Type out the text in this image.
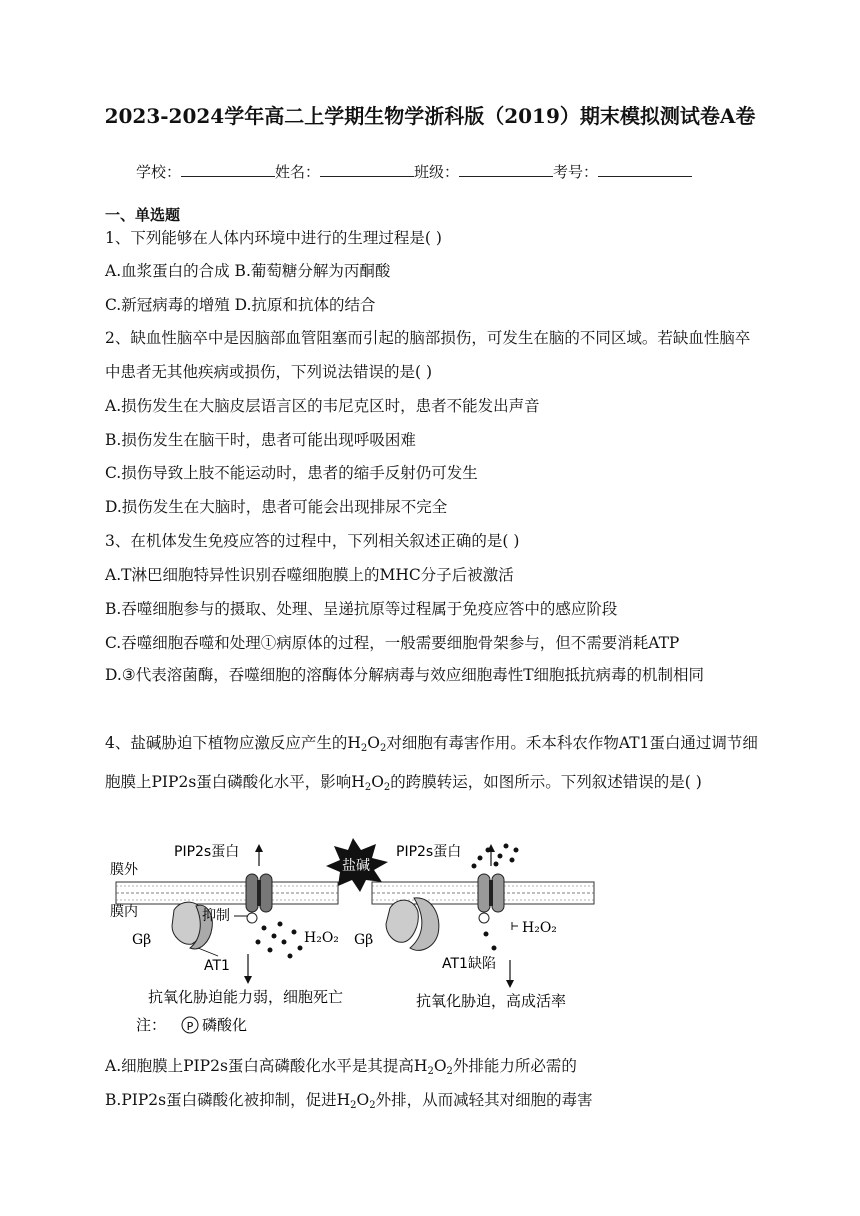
2023-2024学年高二上学期生物学浙科版（2019）期末模拟测试卷A卷
学校：	姓名：	班级：	考号：
一、单选题
1、下列能够在人体内环境中进行的生理过程是( )
A.血浆蛋白的合成 B.葡萄糖分解为丙酮酸
C.新冠病毒的增殖 D.抗原和抗体的结合
2、缺血性脑卒中是因脑部血管阻塞而引起的脑部损伤，可发生在脑的不同区域。若缺血性脑卒中患者无其他疾病或损伤，下列说法错误的是( )
A.损伤发生在大脑皮层语言区的韦尼克区时，患者不能发出声音
B.损伤发生在脑干时，患者可能出现呼吸困难
C.损伤导致上肢不能运动时，患者的缩手反射仍可发生
D.损伤发生在大脑时，患者可能会出现排尿不完全
3、在机体发生免疫应答的过程中，下列相关叙述正确的是( )
A.T淋巴细胞特异性识别吞噬细胞膜上的MHC分子后被激活
B.吞噬细胞参与的摄取、处理、呈递抗原等过程属于免疫应答中的感应阶段
C.吞噬细胞吞噬和处理①病原体的过程，一般需要细胞骨架参与，但不需要消耗ATP
D.③代表溶菌酶，吞噬细胞的溶酶体分解病毒与效应细胞毒性T细胞抵抗病毒的机制相同
4、盐碱胁迫下植物应激反应产生的$H_2O_2$对细胞有毒害作用。禾本科农作物AT1蛋白通过调节细胞膜上PIP2s蛋白磷酸化水平，影响$H_2O_2$的跨膜转运，如图所示。下列叙述错误的是( )
盐碱
PIP2s蛋白	PIP2s蛋白
膜外
膜内	抑制
Gβ
AT1
H₂O₂ Gβ
AT1缺陷
H₂O₂
抗氧化胁迫能力弱，细胞死亡	抗氧化胁迫，高成活率
注： P 磷酸化
A.细胞膜上PIP2s蛋白高磷酸化水平是其提高$H_2O_2$外排能力所必需的
B.PIP2s蛋白磷酸化被抑制，促进$H_2O_2$外排，从而减轻其对细胞的毒害
